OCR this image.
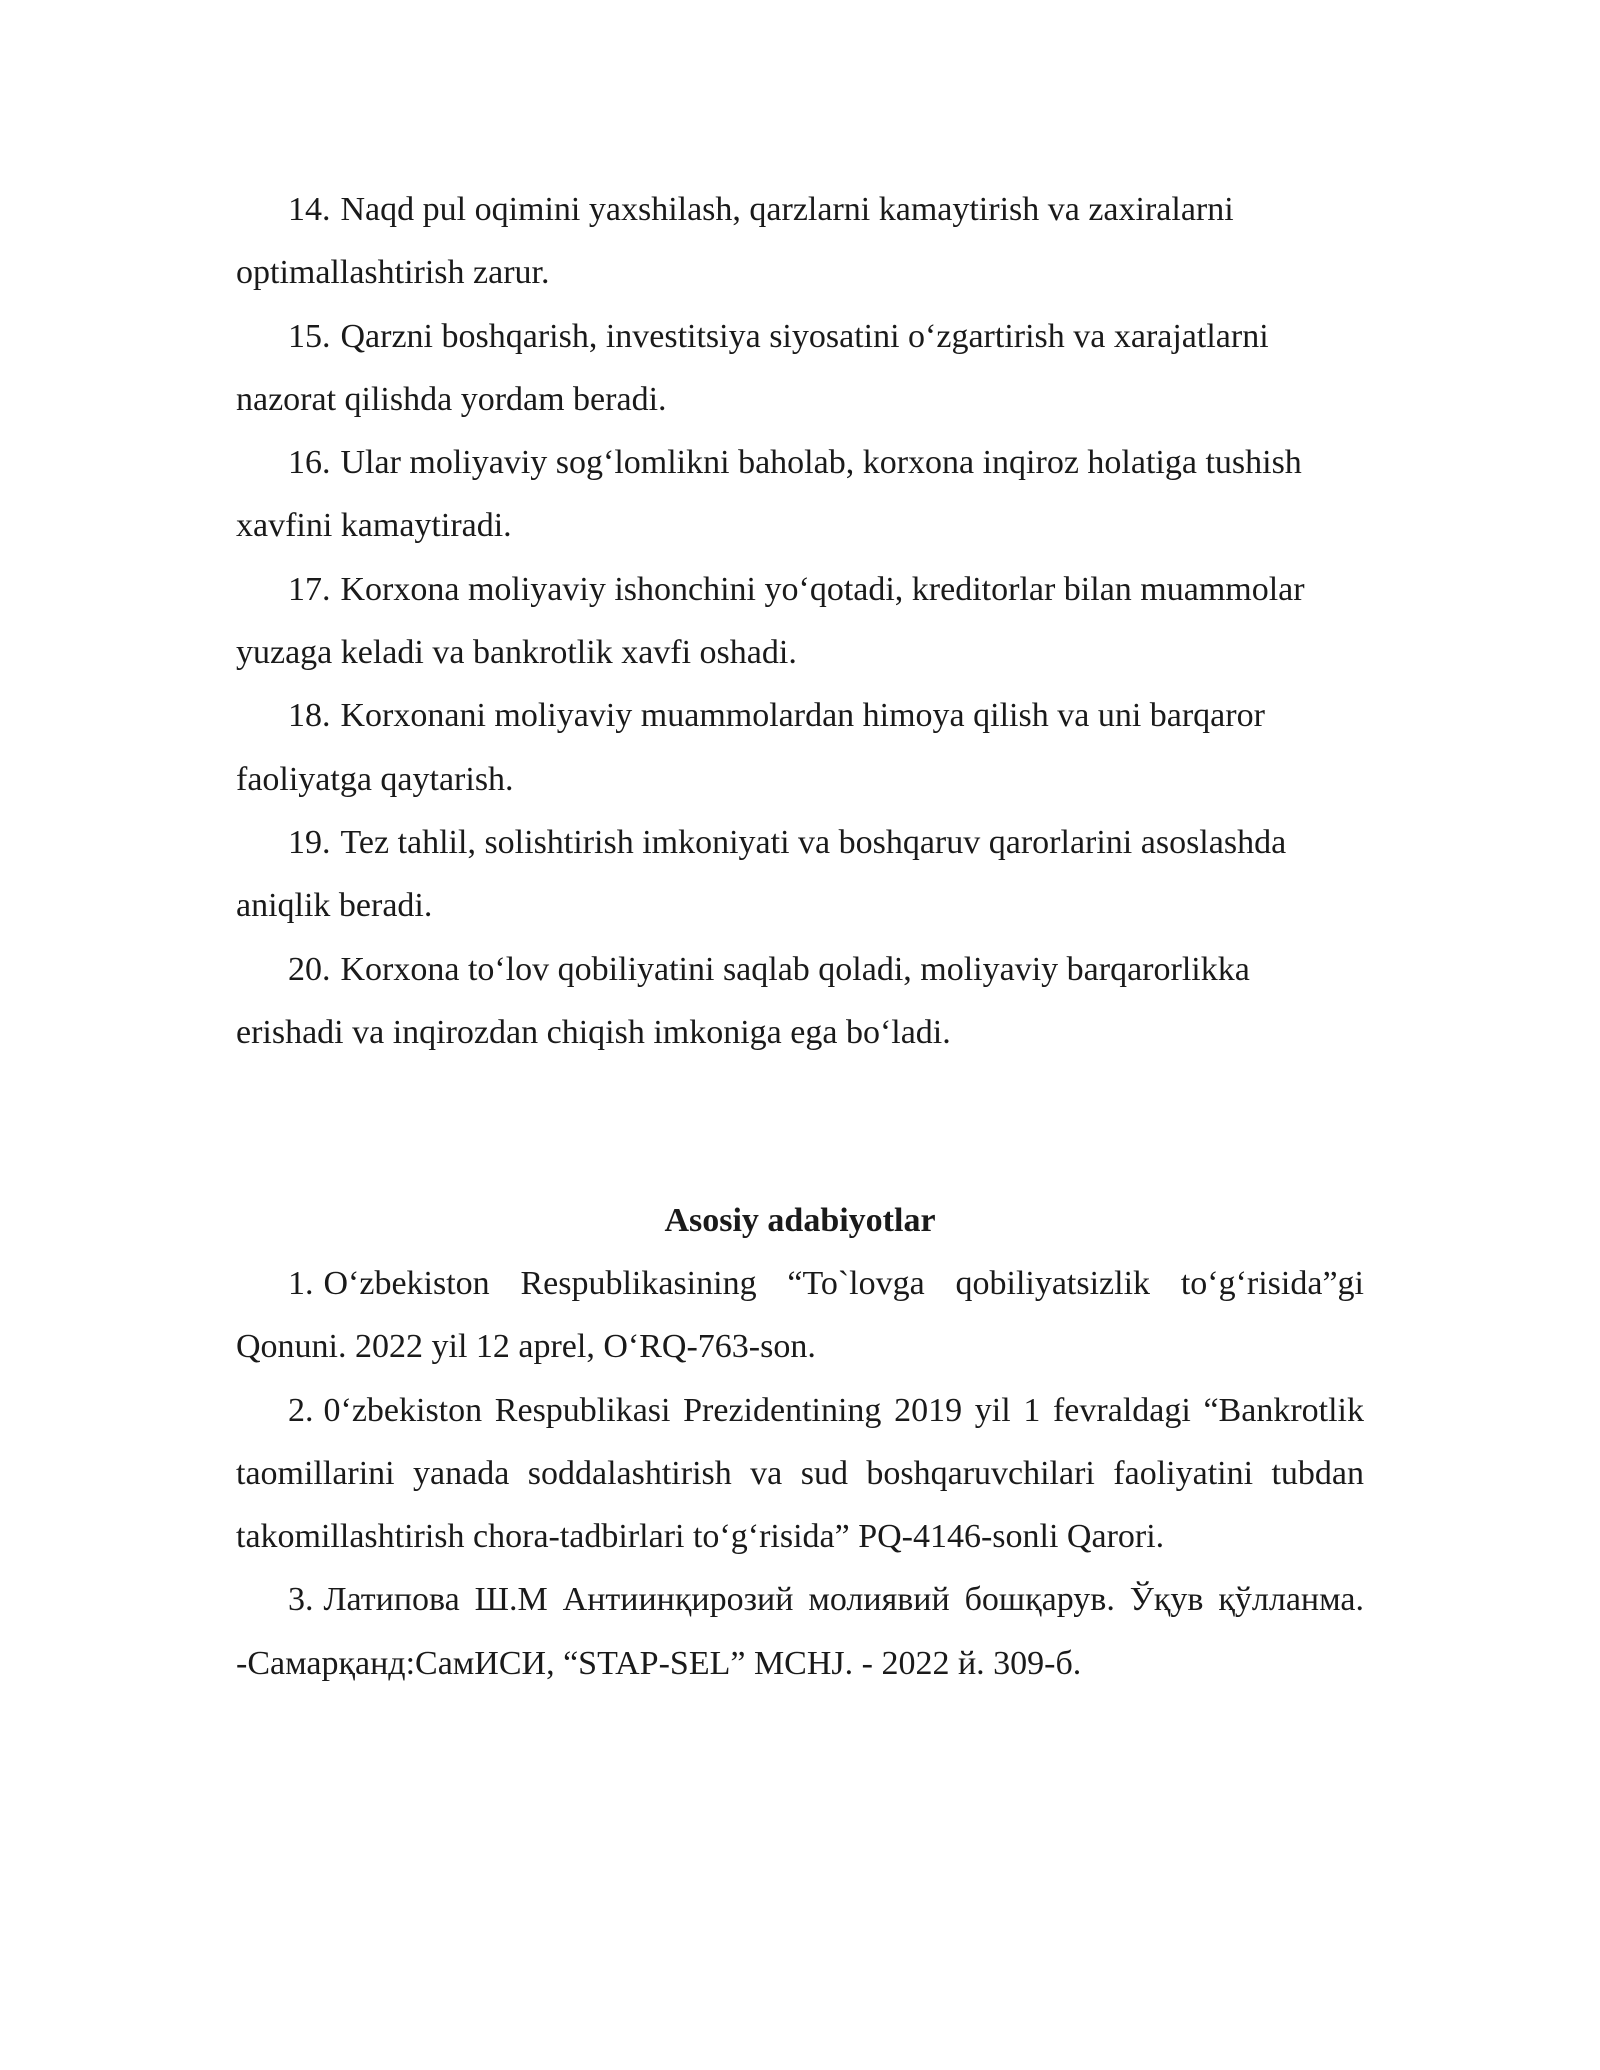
14. Naqd pul oqimini yaxshilash, qarzlarni kamaytirish va zaxiralarni optimallashtirish zarur.

15. Qarzni boshqarish, investitsiya siyosatini o‘zgartirish va xarajatlarni nazorat qilishda yordam beradi.

16. Ular moliyaviy sog‘lomlikni baholab, korxona inqiroz holatiga tushish xavfini kamaytiradi.

17. Korxona moliyaviy ishonchini yo‘qotadi, kreditorlar bilan muammolar yuzaga keladi va bankrotlik xavfi oshadi.

18. Korxonani moliyaviy muammolardan himoya qilish va uni barqaror faoliyatga qaytarish.

19. Tez tahlil, solishtirish imkoniyati va boshqaruv qarorlarini asoslashda aniqlik beradi.

20. Korxona to‘lov qobiliyatini saqlab qoladi, moliyaviy barqarorlikka erishadi va inqirozdan chiqish imkoniga ega bo‘ladi.

Asosiy adabiyotlar

1. O‘zbekiston Respublikasining “To`lovga qobiliyatsizlik to‘g‘risida”gi Qonuni. 2022 yil 12 aprel, O‘RQ-763-son.

2. 0‘zbekiston Respublikasi Prezidentining 2019 yil 1 fevraldagi “Bankrotlik taomillarini yanada soddalashtirish va sud boshqaruvchilari faoliyatini tubdan takomillashtirish chora-tadbirlari to‘g‘risida” PQ-4146-sonli Qarori.

3. Латипова Ш.М Антиинқирозий молиявий бошқарув. Ўқув қўлланма. -Самарқанд:СамИСИ, “STAP-SEL” MCHJ. - 2022 й. 309-б.
